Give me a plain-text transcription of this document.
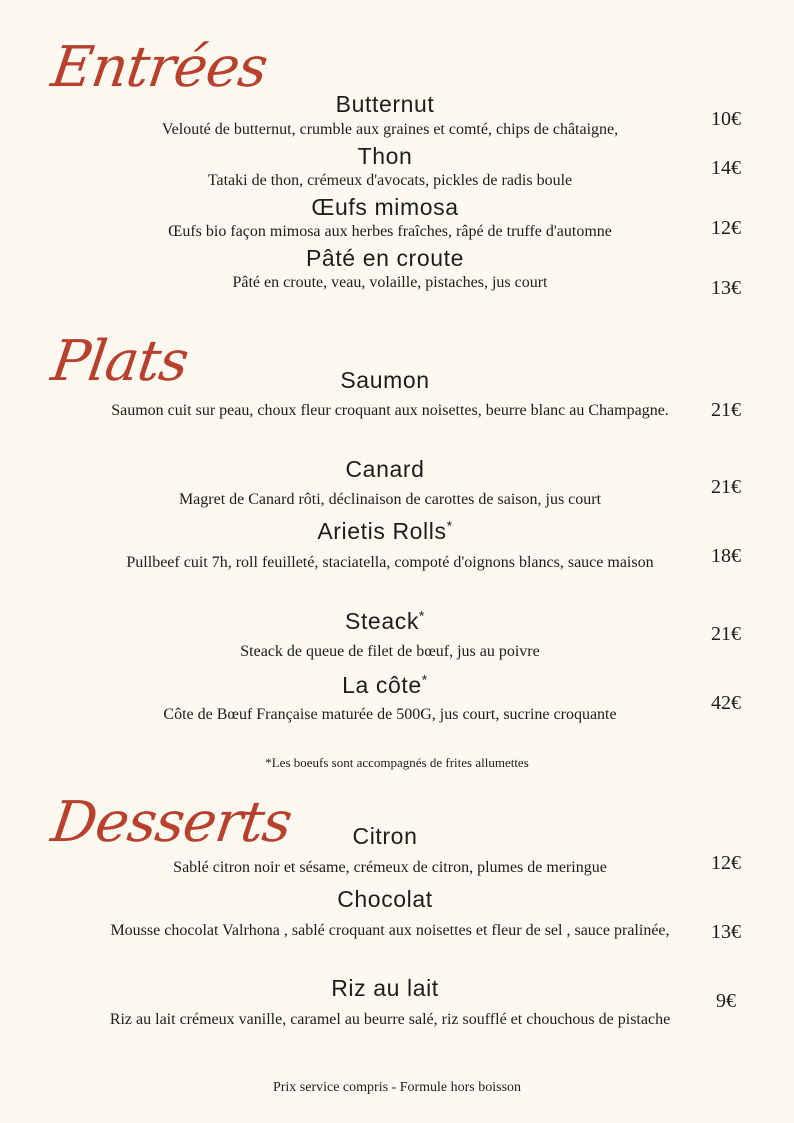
Entrées
Butternut
Velouté de butternut, crumble aux graines et comté, chips de châtaigne,	10€
Thon
Tataki de thon, crémeux d'avocats, pickles de radis boule
14€
Œufs mimosa
Œufs bio façon mimosa aux herbes fraîches, râpé de truffe d'automne	12€
Pâté en croute
Pâté en croute, veau, volaille, pistaches, jus court	13€
Plats	Saumon
Saumon cuit sur peau, choux fleur croquant aux noisettes, beurre blanc au Champagne.	21€
Canard
Magret de Canard rôti, déclinaison de carottes de saison, jus court
21€
Arietis Rolls*
Pullbeef cuit 7h, roll feuilleté, staciatella, compoté d'oignons blancs, sauce maison	18€
Steack*
Steack de queue de filet de bœuf, jus au poivre
21€
La côte*
Côte de Bœuf Française maturée de 500G, jus court, sucrine croquante
42€
*Les boeufs sont accompagnés de frites allumettes
Desserts	Citron
Sablé citron noir et sésame, crémeux de citron, plumes de meringue	12€
Chocolat
Mousse chocolat Valrhona , sablé croquant aux noisettes et fleur de sel , sauce pralinée,	13€
Riz au lait
Riz au lait crémeux vanille, caramel au beurre salé, riz soufflé et chouchous de pistache
9€
Prix service compris - Formule hors boisson
